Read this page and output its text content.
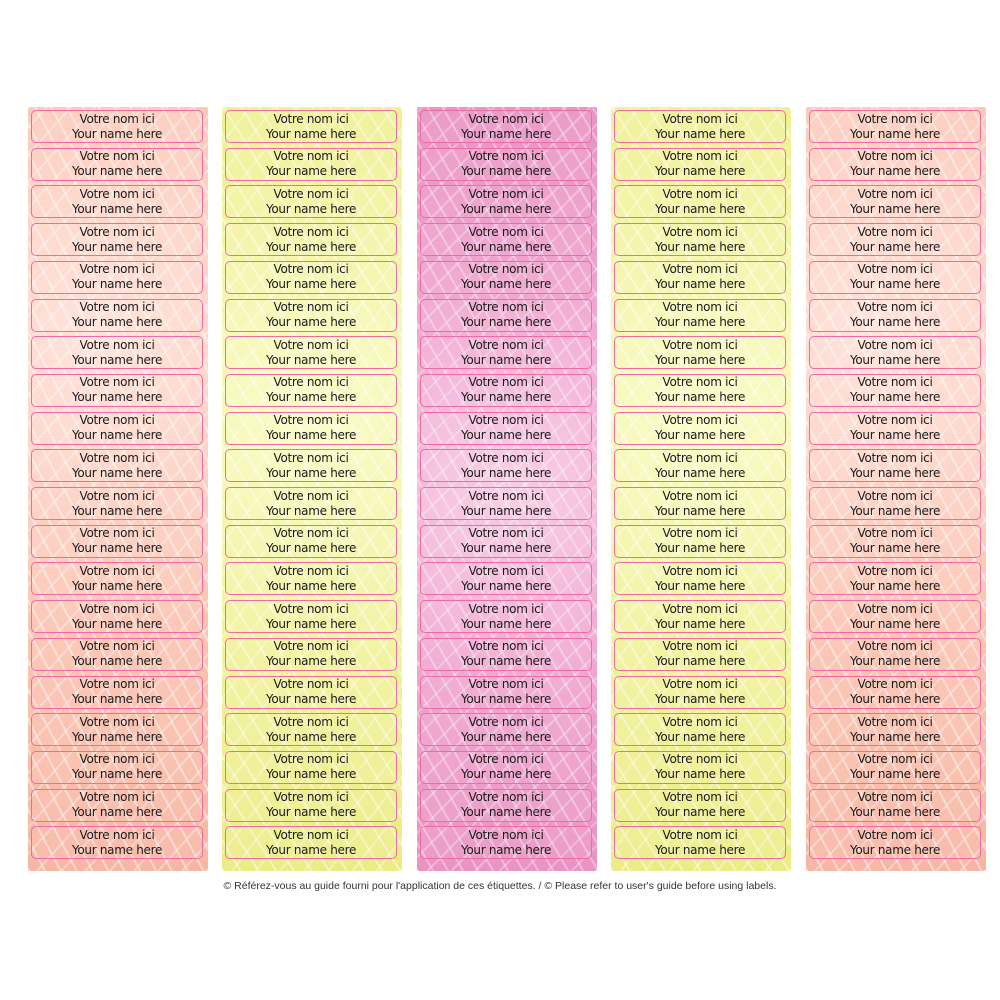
Votre nom ici
Your name here
Votre nom ici
Your name here
Votre nom ici
Your name here
Votre nom ici
Your name here
Votre nom ici
Your name here
Votre nom ici
Your name here
Votre nom ici
Your name here
Votre nom ici
Your name here
Votre nom ici
Your name here
Votre nom ici
Your name here
Votre nom ici
Your name here
Votre nom ici
Your name here
Votre nom ici
Your name here
Votre nom ici
Your name here
Votre nom ici
Your name here
Votre nom ici
Your name here
Votre nom ici
Your name here
Votre nom ici
Your name here
Votre nom ici
Your name here
Votre nom ici
Your name here
Votre nom ici
Your name here
Votre nom ici
Your name here
Votre nom ici
Your name here
Votre nom ici
Your name here
Votre nom ici
Your name here
Votre nom ici
Your name here
Votre nom ici
Your name here
Votre nom ici
Your name here
Votre nom ici
Your name here
Votre nom ici
Your name here
Votre nom ici
Your name here
Votre nom ici
Your name here
Votre nom ici
Your name here
Votre nom ici
Your name here
Votre nom ici
Your name here
Votre nom ici
Your name here
Votre nom ici
Your name here
Votre nom ici
Your name here
Votre nom ici
Your name here
Votre nom ici
Your name here
Votre nom ici
Your name here
Votre nom ici
Your name here
Votre nom ici
Your name here
Votre nom ici
Your name here
Votre nom ici
Your name here
Votre nom ici
Your name here
Votre nom ici
Your name here
Votre nom ici
Your name here
Votre nom ici
Your name here
Votre nom ici
Your name here
Votre nom ici
Your name here
Votre nom ici
Your name here
Votre nom ici
Your name here
Votre nom ici
Your name here
Votre nom ici
Your name here
Votre nom ici
Your name here
Votre nom ici
Your name here
Votre nom ici
Your name here
Votre nom ici
Your name here
Votre nom ici
Your name here
Votre nom ici
Your name here
Votre nom ici
Your name here
Votre nom ici
Your name here
Votre nom ici
Your name here
Votre nom ici
Your name here
Votre nom ici
Your name here
Votre nom ici
Your name here
Votre nom ici
Your name here
Votre nom ici
Your name here
Votre nom ici
Your name here
Votre nom ici
Your name here
Votre nom ici
Your name here
Votre nom ici
Your name here
Votre nom ici
Your name here
Votre nom ici
Your name here
Votre nom ici
Your name here
Votre nom ici
Your name here
Votre nom ici
Your name here
Votre nom ici
Your name here
Votre nom ici
Your name here
Votre nom ici
Your name here
Votre nom ici
Your name here
Votre nom ici
Your name here
Votre nom ici
Your name here
Votre nom ici
Your name here
Votre nom ici
Your name here
Votre nom ici
Your name here
Votre nom ici
Your name here
Votre nom ici
Your name here
Votre nom ici
Your name here
Votre nom ici
Your name here
Votre nom ici
Your name here
Votre nom ici
Your name here
Votre nom ici
Your name here
Votre nom ici
Your name here
Votre nom ici
Your name here
Votre nom ici
Your name here
Votre nom ici
Your name here
Votre nom ici
Your name here
Votre nom ici
Your name here
© Référez-vous au guide fourni pour l'application de ces étiquettes. / © Please refer to user's guide before using labels.
